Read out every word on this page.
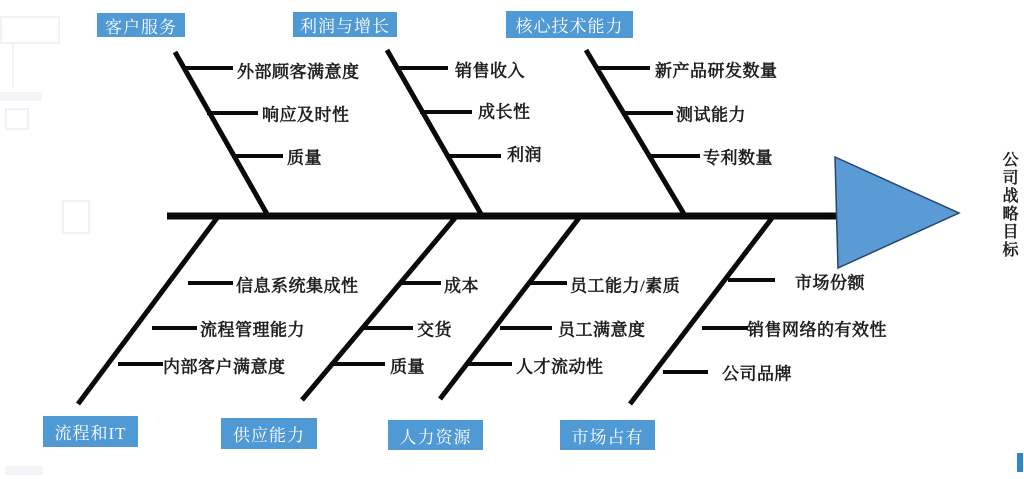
客户服务	利润与增长	核心技术能力
流程和IT	供应能力	人力资源	市场占有
外部顾客满意度
响应及时性
质量
销售收入
成长性
利润
新产品研发数量
测试能力
专利数量
信息系统集成性
流程管理能力
内部客户满意度
成本
交货
质量
员工能力/素质
员工满意度
人才流动性
市场份额
销售网络的有效性
公司品牌
公司战略目标
